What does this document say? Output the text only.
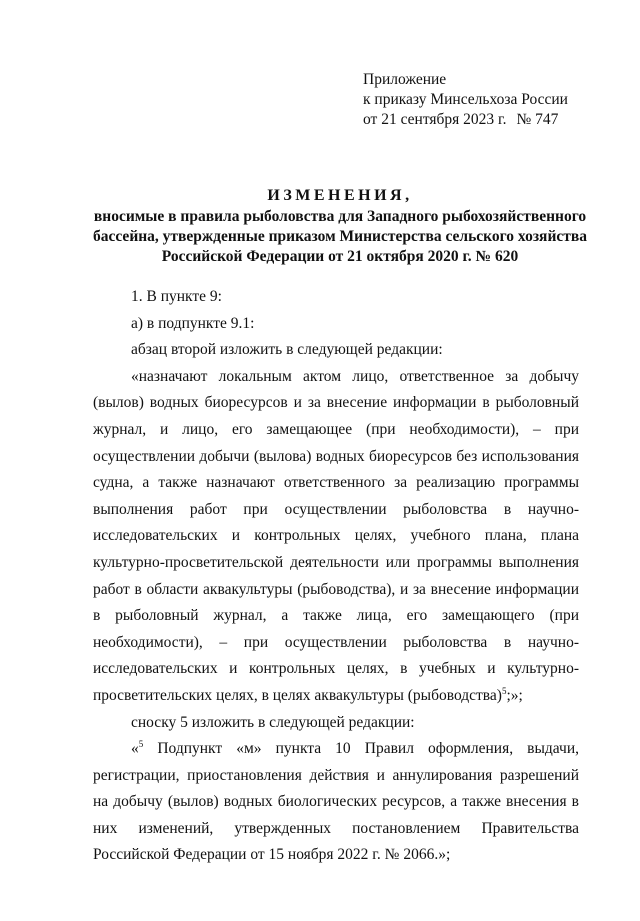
Приложение
к приказу Минсельхоза России
от 21 сентября 2023 г. № 747
ИЗМЕНЕНИЯ,
вносимые в правила рыболовства для Западного рыбохозяйственного
бассейна, утвержденные приказом Министерства сельского хозяйства
Российской Федерации от 21 октября 2020 г. № 620

1. В пункте 9:

а) в подпункте 9.1:

абзац второй изложить в следующей редакции:

«назначают локальным актом лицо, ответственное за добычу (вылов) водных биоресурсов и за внесение информации в рыболовный журнал, и лицо, его замещающее (при необходимости), – при осуществлении добычи (вылова) водных биоресурсов без использования судна, а также назначают ответственного за реализацию программы выполнения работ при осуществлении рыболовства в научно-исследовательских и контрольных целях, учебного плана, плана культурно-просветительской деятельности или программы выполнения работ в области аквакультуры (рыбоводства), и за внесение информации в рыболовный журнал, а также лица, его замещающего (при необходимости), – при осуществлении рыболовства в научно-исследовательских и контрольных целях, в учебных и культурно-просветительских целях, в целях аквакультуры (рыбоводства)$^5$;»;

сноску 5 изложить в следующей редакции:

«$^5$ Подпункт «м» пункта 10 Правил оформления, выдачи, регистрации, приостановления действия и аннулирования разрешений на добычу (вылов) водных биологических ресурсов, а также внесения в них изменений, утвержденных постановлением Правительства Российской Федерации от 15 ноября 2022 г. № 2066.»;
